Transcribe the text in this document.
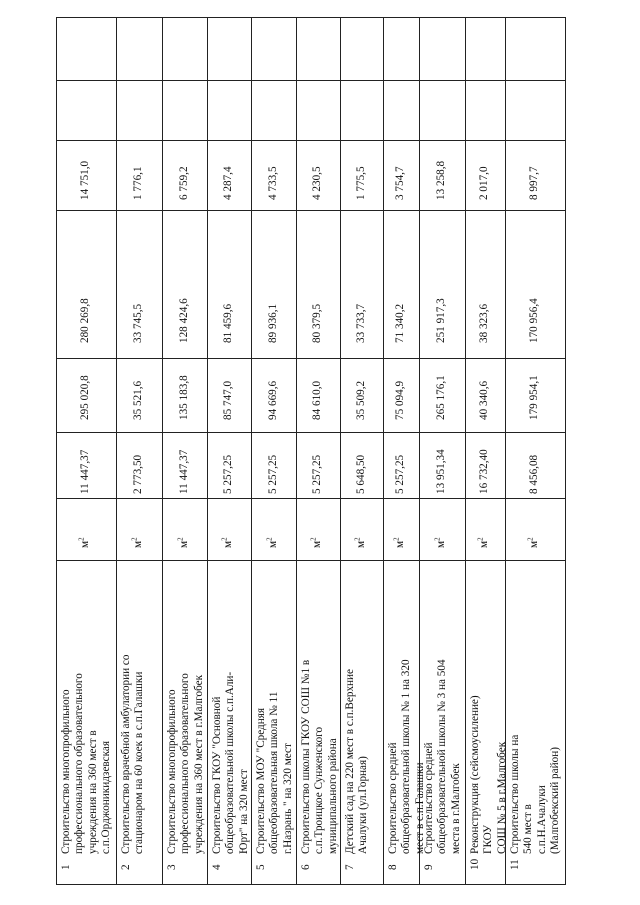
1
Строительство многопрофильного профессионального образовательного учреждения на 360 мест в с.п.Орджоникидзевская
$м^2$
11 447,37
295 020,8
280 269,8
14 751,0
2
Строительство врачебной амбулатории со стационаром на 60 коек в с.п.Галашки
$м^2$
2 773,50
35 521,6
33 745,5
1 776,1
3
Строительство многопрофильного профессионального образовательного учреждения на 360 мест в г.Малгобек
$м^2$
11 447,37
135 183,8
128 424,6
6 759,2
4
Строительство ГКОУ "Основной общеобразовательной школы с.п.Али- Юрт" на 320 мест
$м^2$
5 257,25
85 747,0
81 459,6
4 287,4
5
Строительство МОУ "Средняя общеобразовательная школа № 11 г.Назрань " на 320 мест
$м^2$
5 257,25
94 669,6
89 936,1
4 733,5
6
Строительство школы ГКОУ СОШ №1 в с.п.Троицкое Сунженского муниципального района
$м^2$
5 257,25
84 610,0
80 379,5
4 230,5
7
Детский сад на 220 мест в с.п.Верхние Ачалуки (ул.Горная)
$м^2$
5 648,50
35 509,2
33 733,7
1 775,5
8
Строительство средней общеобразовательной школы № 1 на 320 мест в с.п.Галашки
$м^2$
5 257,25
75 094,9
71 340,2
3 754,7
9
Строительство средней общеобразовательной школы № 3 на 504 места в г.Малгобек
$м^2$
13 951,34
265 176,1
251 917,3
13 258,8
10
Реконструкция (сейсмоусиление) ГКОУ СОШ № 5 в г.Малгобек
$м^2$
16 732,40
40 340,6
38 323,6
2 017,0
11
Строительство школы на 540 мест в с.п.Н.Ачалуки (Малгобекский район)
$м^2$
8 456,08
179 954,1
170 956,4
8 997,7
